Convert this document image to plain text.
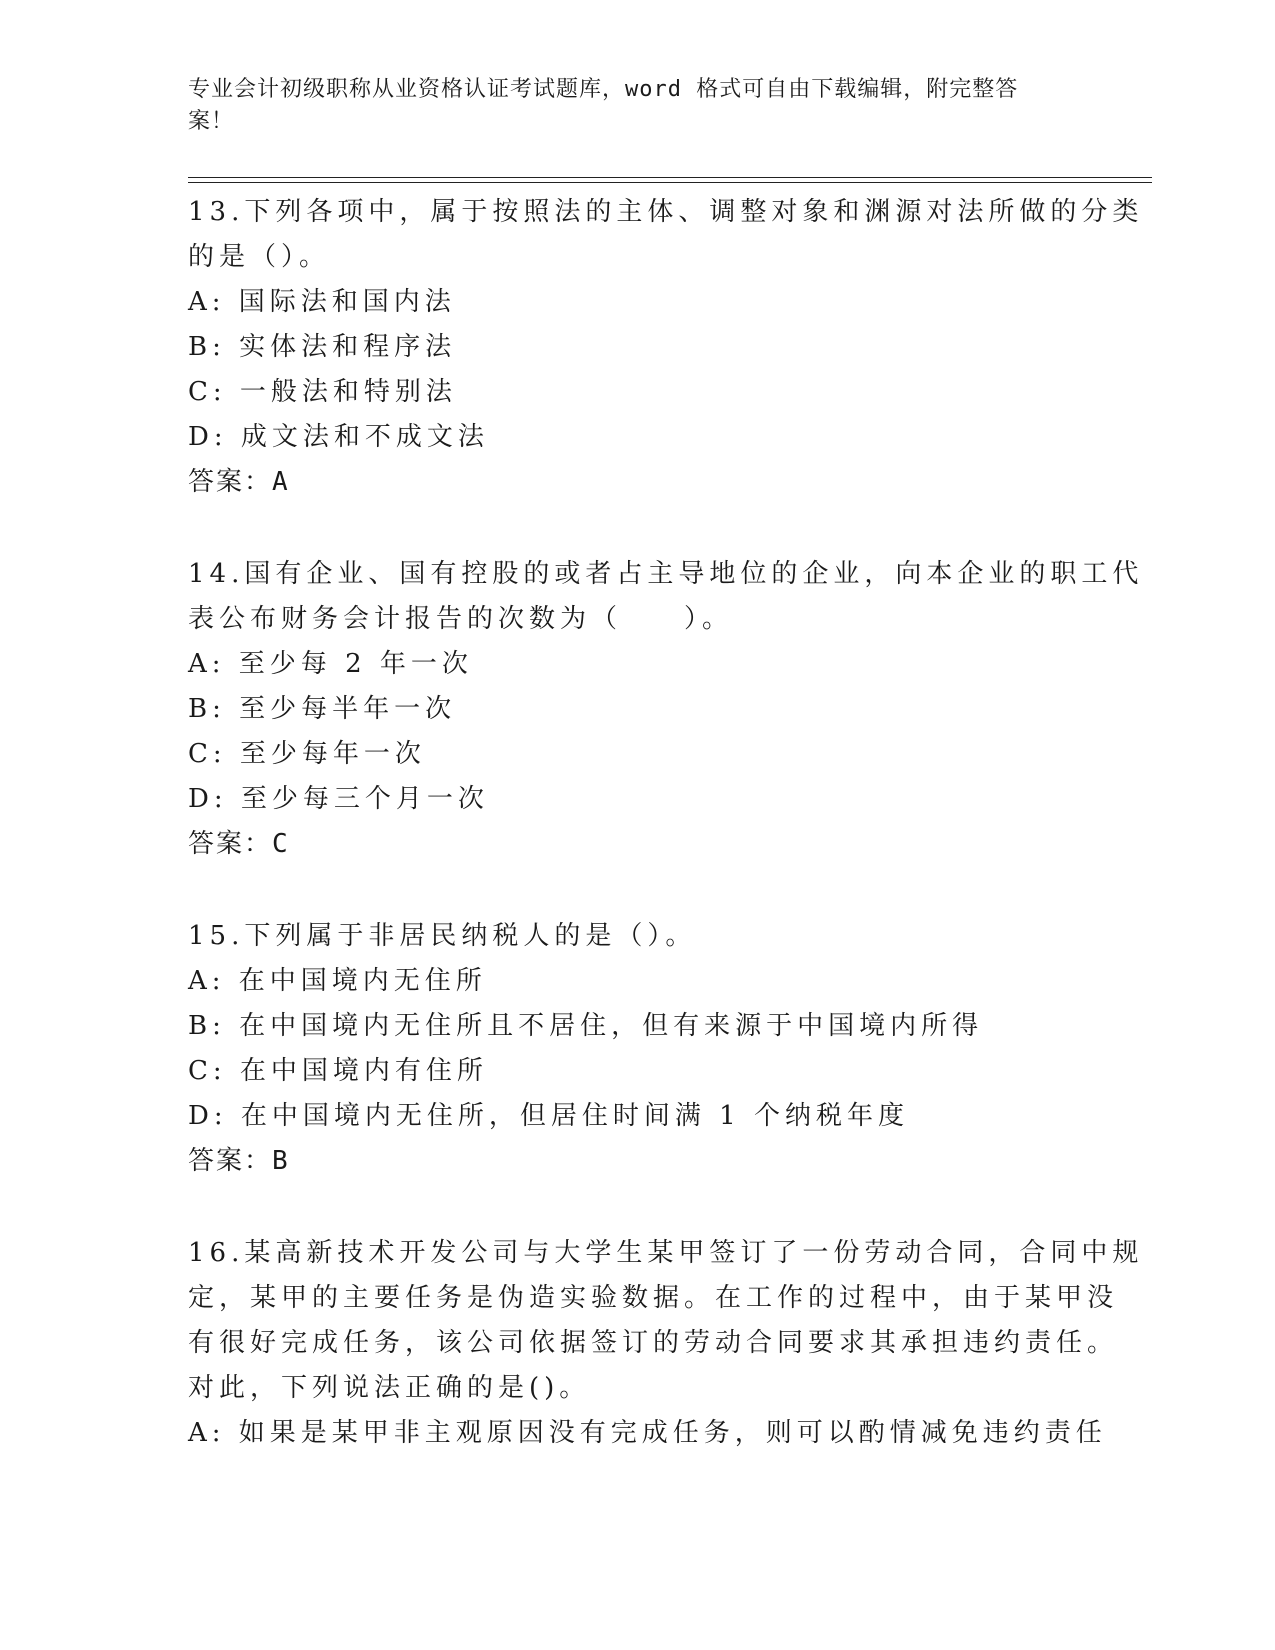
专业会计初级职称从业资格认证考试题库，word 格式可自由下载编辑，附完整答
案！
13.下列各项中，属于按照法的主体、调整对象和渊源对法所做的分类
的是（）。
A: 国际法和国内法
B: 实体法和程序法
C: 一般法和特别法
D: 成文法和不成文法
答案：A
14.国有企业、国有控股的或者占主导地位的企业，向本企业的职工代
表公布财务会计报告的次数为（　　）。
A: 至少每 2 年一次
B: 至少每半年一次
C: 至少每年一次
D: 至少每三个月一次
答案：C
15.下列属于非居民纳税人的是（）。
A: 在中国境内无住所
B: 在中国境内无住所且不居住，但有来源于中国境内所得
C: 在中国境内有住所
D: 在中国境内无住所，但居住时间满 1 个纳税年度
答案：B
16.某高新技术开发公司与大学生某甲签订了一份劳动合同，合同中规
定，某甲的主要任务是伪造实验数据。在工作的过程中，由于某甲没
有很好完成任务，该公司依据签订的劳动合同要求其承担违约责任。
对此，下列说法正确的是()。
A: 如果是某甲非主观原因没有完成任务，则可以酌情减免违约责任
